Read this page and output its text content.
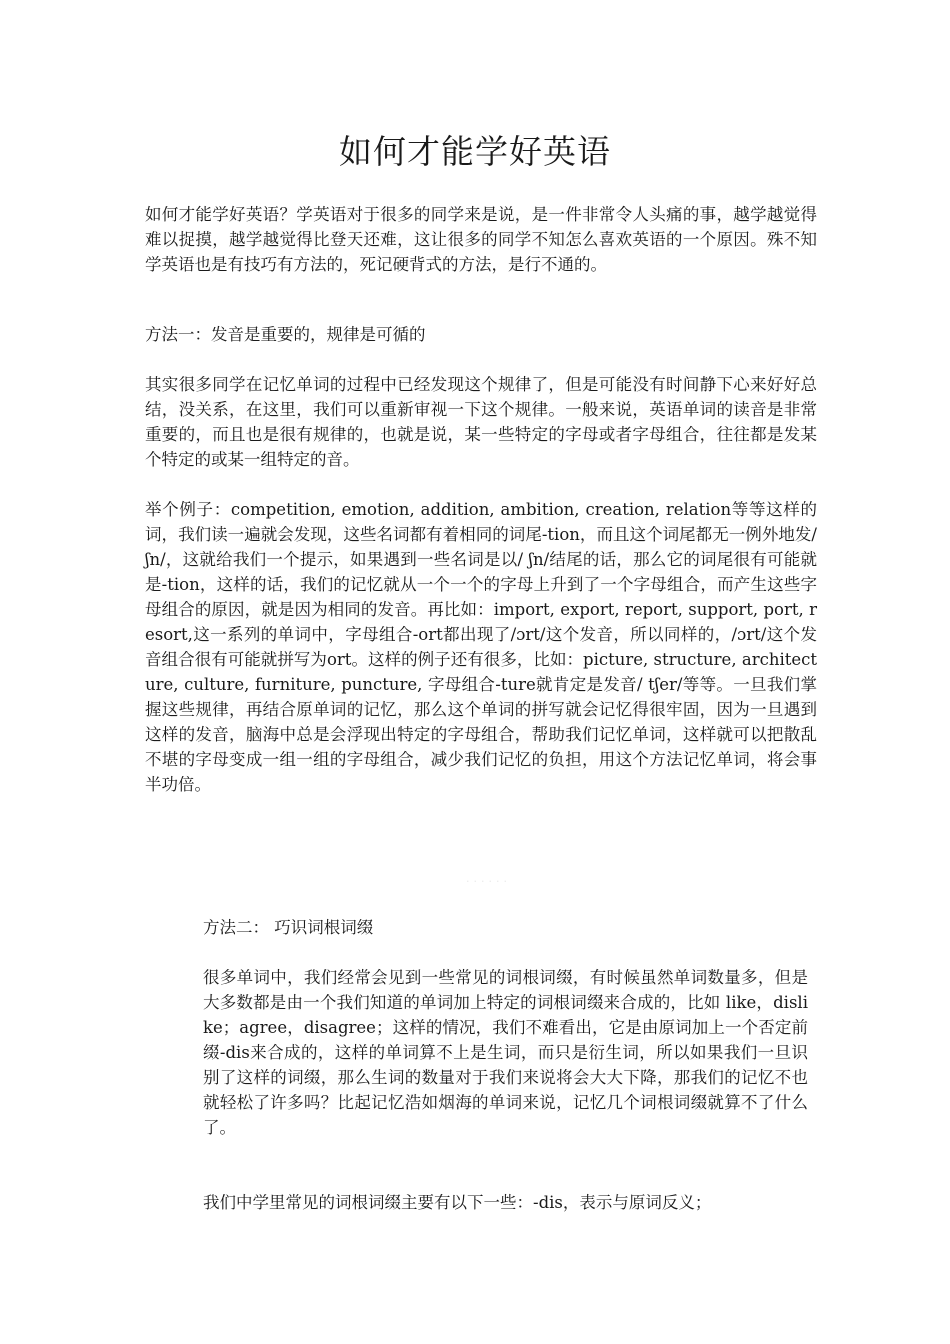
如何才能学好英语

如何才能学好英语？学英语对于很多的同学来是说，是一件非常令人头痛的事，越学越觉得难以捉摸，越学越觉得比登天还难，这让很多的同学不知怎么喜欢英语的一个原因。殊不知学英语也是有技巧有方法的，死记硬背式的方法，是行不通的。

方法一：发音是重要的，规律是可循的

其实很多同学在记忆单词的过程中已经发现这个规律了，但是可能没有时间静下心来好好总结，没关系，在这里，我们可以重新审视一下这个规律。一般来说，英语单词的读音是非常重要的，而且也是很有规律的，也就是说，某一些特定的字母或者字母组合，往往都是发某个特定的或某一组特定的音。

举个例子：competition, emotion, addition, ambition, creation, relation等等这样的词，我们读一遍就会发现，这些名词都有着相同的词尾-tion，而且这个词尾都无一例外地发/ ʃn/，这就给我们一个提示，如果遇到一些名词是以/ ʃn/结尾的话，那么它的词尾很有可能就是-tion，这样的话，我们的记忆就从一个一个的字母上升到了一个字母组合，而产生这些字母组合的原因，就是因为相同的发音。再比如：import, export, report, support, port, resort,这一系列的单词中，字母组合-ort都出现了/ɔrt/这个发音，所以同样的，/ɔrt/这个发音组合很有可能就拼写为ort。这样的例子还有很多，比如：picture, structure, architecture, culture, furniture, puncture, 字母组合-ture就肯定是发音/ tʃer/等等。一旦我们掌握这些规律，再结合原单词的记忆，那么这个单词的拼写就会记忆得很牢固，因为一旦遇到这样的发音，脑海中总是会浮现出特定的字母组合，帮助我们记忆单词，这样就可以把散乱不堪的字母变成一组一组的字母组合，减少我们记忆的负担，用这个方法记忆单词，将会事半功倍。

......

方法二： 巧识词根词缀

很多单词中，我们经常会见到一些常见的词根词缀，有时候虽然单词数量多，但是大多数都是由一个我们知道的单词加上特定的词根词缀来合成的，比如 like，dislike；agree，disagree；这样的情况，我们不难看出，它是由原词加上一个否定前缀-dis来合成的，这样的单词算不上是生词，而只是衍生词，所以如果我们一旦识别了这样的词缀，那么生词的数量对于我们来说将会大大下降，那我们的记忆不也就轻松了许多吗？比起记忆浩如烟海的单词来说，记忆几个词根词缀就算不了什么了。

我们中学里常见的词根词缀主要有以下一些：-dis，表示与原词反义；
